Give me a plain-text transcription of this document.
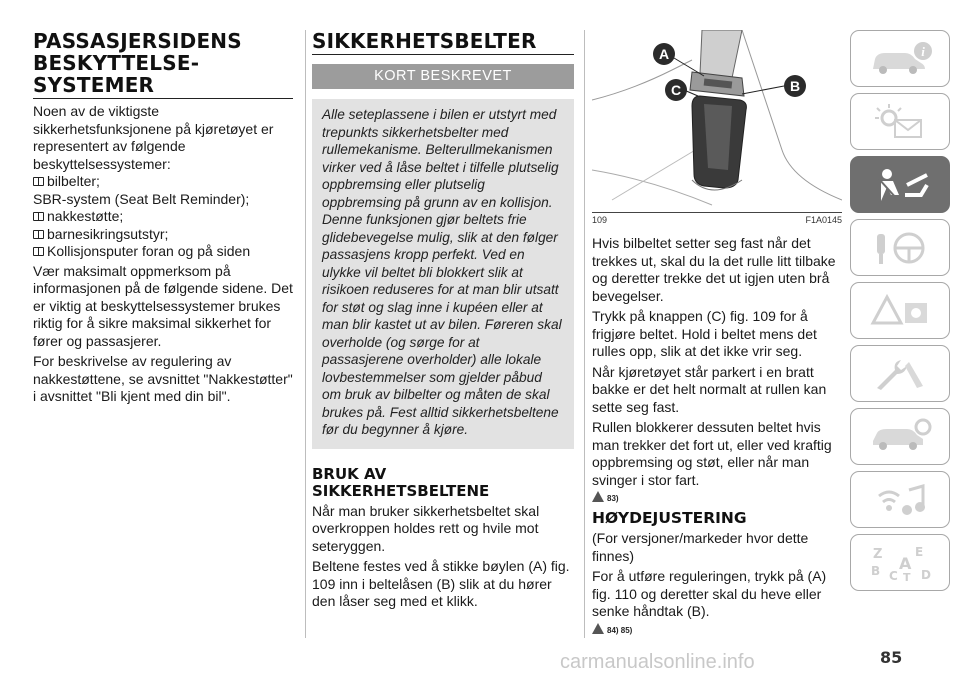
PASSASJERSIDENS
BESKYTTELSE-
SYSTEMER

Noen av de viktigste sikkerhetsfunksjonene på kjøretøyet er representert av følgende beskyttelsessystemer:

bilbelter;
SBR-system (Seat Belt Reminder);
nakkestøtte;
barnesikringsutstyr;
Kollisjonsputer foran og på siden

Vær maksimalt oppmerksom på informasjonen på de følgende sidene. Det er viktig at beskyttelsessystemer brukes riktig for å sikre maksimal sikkerhet for fører og passasjerer.

For beskrivelse av regulering av nakkestøttene, se avsnittet "Nakkestøtter" i avsnittet "Bli kjent med din bil".

SIKKERHETSBELTER
KORT BESKREVET
Alle seteplassene i bilen er utstyrt med trepunkts sikkerhetsbelter med rullemekanisme. Belterullmekanismen virker ved å låse beltet i tilfelle plutselig oppbremsing eller plutselig oppbremsing på grunn av en kollisjon. Denne funksjonen gjør beltets frie glidebevegelse mulig, slik at den følger passasjens kropp perfekt. Ved en ulykke vil beltet bli blokkert slik at risikoen reduseres for at man blir utsatt for støt og slag inne i kupéen eller at man blir kastet ut av bilen. Føreren skal overholde (og sørge for at passasjerene overholder) alle lokale lovbestemmelser som gjelder påbud om bruk av bilbelter og måten de skal brukes på. Fest alltid sikkerhetsbeltene før du begynner å kjøre.
BRUK AV
SIKKERHETSBELTENE

Når man bruker sikkerhetsbeltet skal overkroppen holdes rett og hvile mot seteryggen.

Beltene festes ved å stikke bøylen (A) fig. 109 inn i beltelåsen (B) slik at du hører den låser seg med et klikk.

A
B
C
109	F1A0145

Hvis bilbeltet setter seg fast når det trekkes ut, skal du la det rulle litt tilbake og deretter trekke det ut igjen uten brå bevegelser.

Trykk på knappen (C) fig. 109 for å frigjøre beltet. Hold i beltet mens det rulles opp, slik at det ikke vrir seg.

Når kjøretøyet står parkert i en bratt bakke er det helt normalt at rullen kan sette seg fast.

Rullen blokkerer dessuten beltet hvis man trekker det fort ut, eller ved kraftig oppbremsing og støt, eller når man svinger i stor fart.

83)
HØYDEJUSTERING

(For versjoner/markeder hvor dette finnes)

For å utføre reguleringen, trykk på (A) fig. 110 og deretter skal du heve eller senke håndtak (B).

84) 85)
i
Z	E
A
B C T D
85
carmanualsonline.info
